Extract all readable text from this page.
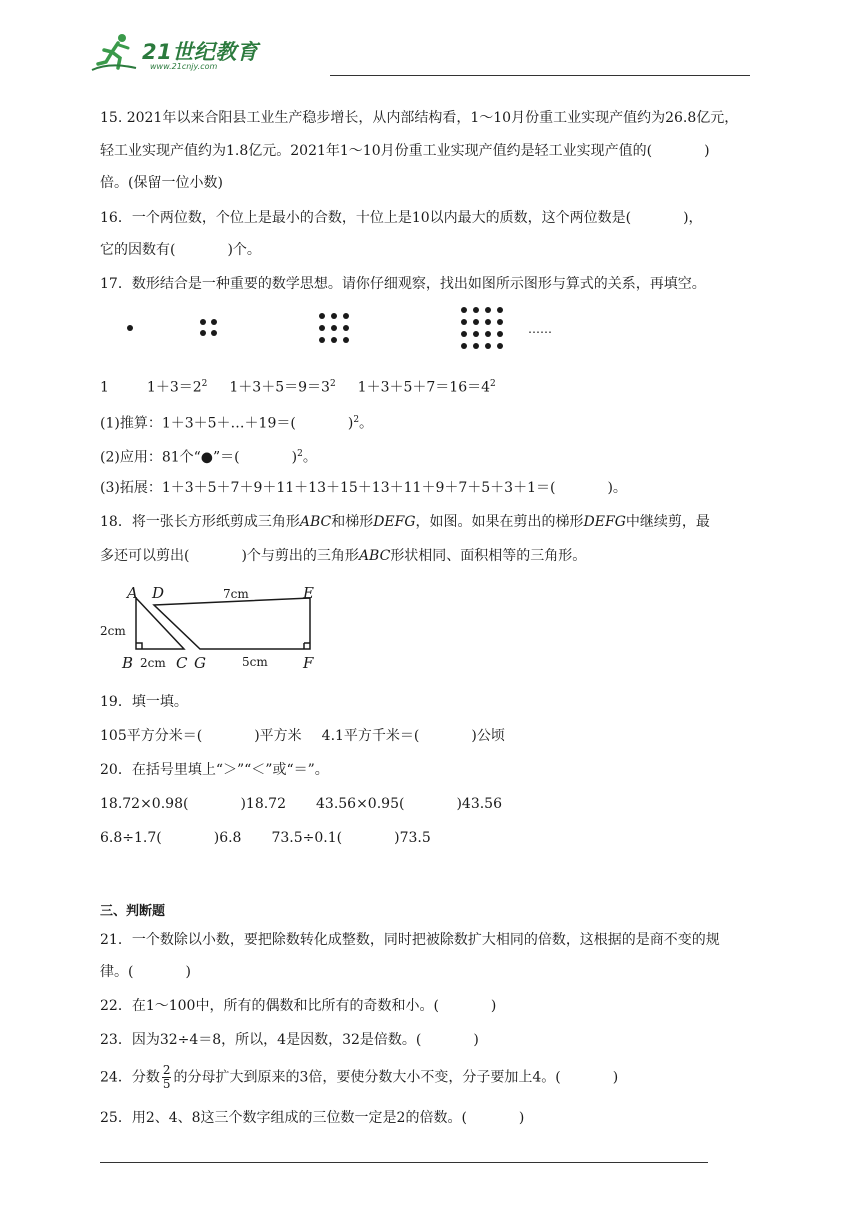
21世纪教育
www.21cnjy.com
15. 2021年以来合阳县工业生产稳步增长，从内部结构看，1～10月份重工业实现产值约为26.8亿元，
轻工业实现产值约为1.8亿元。2021年1～10月份重工业实现产值约是轻工业实现产值的(	)
倍。(保留一位小数)
16．一个两位数，个位上是最小的合数，十位上是10以内最大的质数，这个两位数是(	)，
它的因数有(	)个。
17．数形结合是一种重要的数学思想。请你仔细观察，找出如图所示图形与算式的关系，再填空。
……
1	$1+3=2^2$ $1+3+5=9=3^2$ $1+3+5+7=16=4^2$
(1)推算：1＋3＋5＋…＋19＝(	)$^2$。
(2)应用：81个“●”＝(	)$^2$。
(3)拓展：1＋3＋5＋7＋9＋11＋13＋15＋13＋11＋9＋7＋5＋3＋1＝(	)。
18．将一张长方形纸剪成三角形ABC和梯形DEFG，如图。如果在剪出的梯形DEFG中继续剪，最
多还可以剪出(	)个与剪出的三角形ABC形状相同、面积相等的三角形。
A D	E
B	C G	F
7cm
2cm
2cm	5cm
19．填一填。
105平方分米＝(	)平方米 4.1平方千米＝(	)公顷
20．在括号里填上“＞”“＜”或“＝”。
18.72×0.98(	)18.72 43.56×0.95(	)43.56
6.8÷1.7(	)6.8 73.5÷0.1(	)73.5
三、判断题
21．一个数除以小数，要把除数转化成整数，同时把被除数扩大相同的倍数，这根据的是商不变的规
律。(	)
22．在1～100中，所有的偶数和比所有的奇数和小。(	)
23．因为32÷4＝8，所以，4是因数，32是倍数。(	)
24．分数 $\frac{2}{5}$ 的分母扩大到原来的3倍，要使分数大小不变，分子要加上4。(	)
25．用2、4、8这三个数字组成的三位数一定是2的倍数。(	)
